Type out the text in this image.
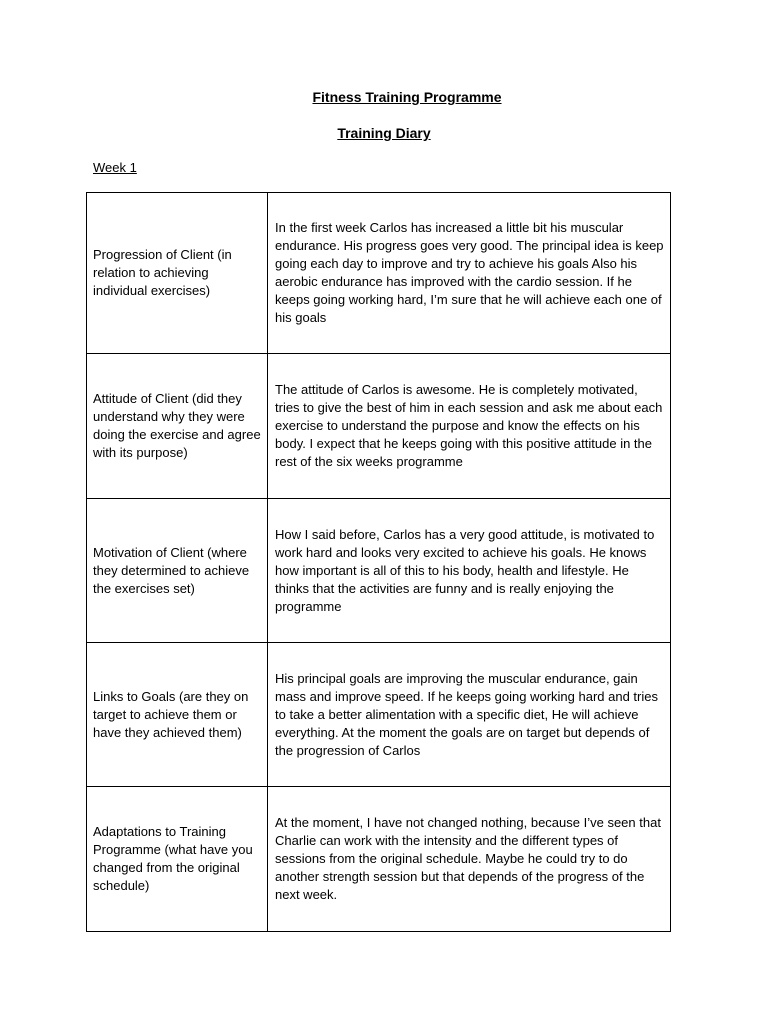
Fitness Training Programme
Training Diary
Week 1
Progression of Client (in relation to achieving individual exercises)	In the first week Carlos has increased a little bit his muscular endurance. His progress goes very good. The principal idea is keep going each day to improve and try to achieve his goals Also his aerobic endurance has improved with the cardio session. If he keeps going working hard, I’m sure that he will achieve each one of his goals
Attitude of Client (did they understand why they were doing the exercise and agree with its purpose)	The attitude of Carlos is awesome. He is completely motivated, tries to give the best of him in each session and ask me about each exercise to understand the purpose and know the effects on his body. I expect that he keeps going with this positive attitude in the rest of the six weeks programme
Motivation of Client (where they determined to achieve the exercises set)	How I said before, Carlos has a very good attitude, is motivated to work hard and looks very excited to achieve his goals. He knows how important is all of this to his body, health and lifestyle. He thinks that the activities are funny and is really enjoying the programme
Links to Goals (are they on target to achieve them or have they achieved them)	His principal goals are improving the muscular endurance, gain mass and improve speed. If he keeps going working hard and tries to take a better alimentation with a specific diet, He will achieve everything. At the moment the goals are on target but depends of the progression of Carlos
Adaptations to Training Programme (what have you changed from the original schedule)	At the moment, I have not changed nothing, because I’ve seen that Charlie can work with the intensity and the different types of sessions from the original schedule. Maybe he could try to do another strength session but that depends of the progress of the next week.
